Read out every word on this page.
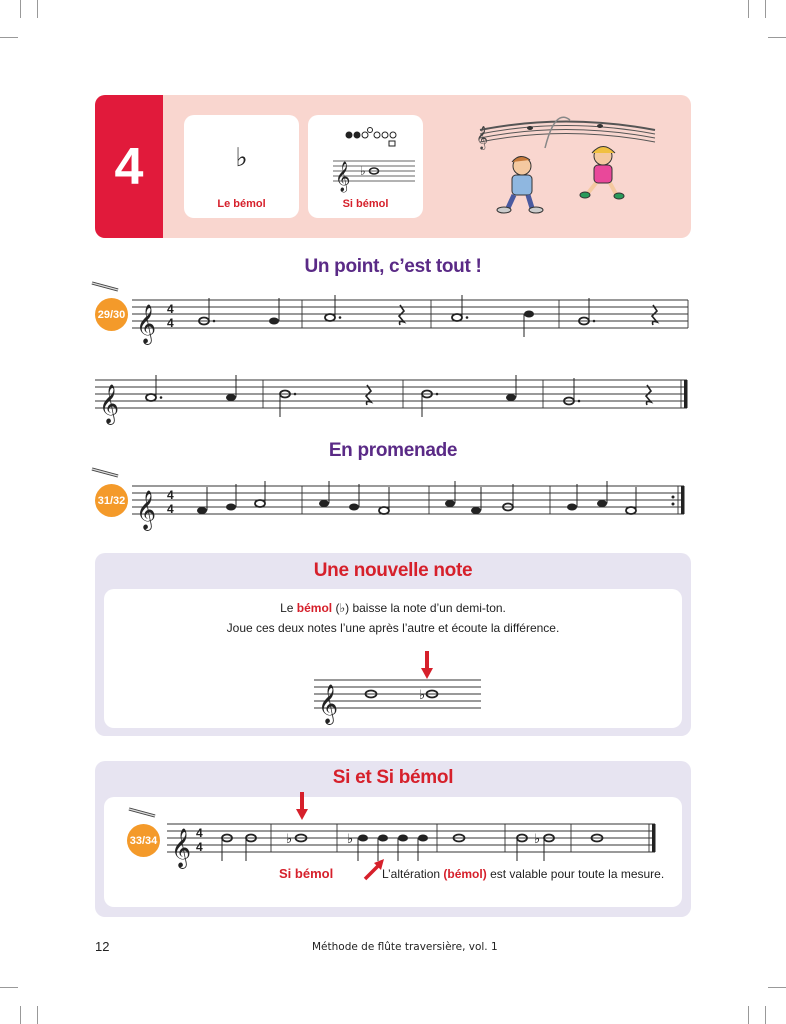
4	♭
Le bémol
𝄞 ♭
Si bémol
𝄞
Un point, c’est tout !
29/30 𝄞 4
4
𝄞
En promenade
31/32 𝄞 4
4
Une nouvelle note
Le bémol (♭) baisse la note d’un demi-ton.
Joue ces deux notes l’une après l’autre et écoute la différence.
𝄞	♭
Si et Si bémol
33/34 𝄞 4
4	♭	♭	♭
Si bémol	L’altération (bémol) est valable pour toute la mesure.
12	Méthode de flûte traversière, vol. 1
